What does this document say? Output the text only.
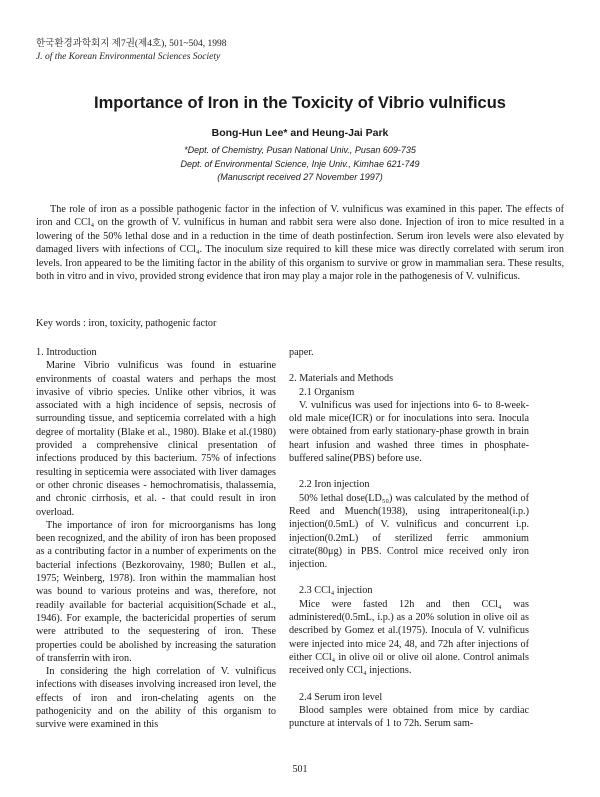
한국환경과학회지 제7권(제4호), 501~504, 1998
J. of the Korean Environmental Sciences Society
Importance of Iron in the Toxicity of Vibrio vulnificus
Bong-Hun Lee* and Heung-Jai Park
*Dept. of Chemistry, Pusan National Univ., Pusan 609-735
Dept. of Environmental Science, Inje Univ., Kimhae 621-749
(Manuscript received 27 November 1997)
The role of iron as a possible pathogenic factor in the infection of V. vulnificus was examined in this paper. The effects of iron and CCl₄ on the growth of V. vulnificus in human and rabbit sera were also done. Injection of iron to mice resulted in a lowering of the 50% lethal dose and in a reduction in the time of death postinfection. Serum iron levels were also elevated by damaged livers with infections of CCl₄. The inoculum size required to kill these mice was directly correlated with serum iron levels. Iron appeared to be the limiting factor in the ability of this organism to survive or grow in mammalian sera. These results, both in vitro and in vivo, provided strong evidence that iron may play a major role in the pathogenesis of V. vulnificus.
Key words : iron, toxicity, pathogenic factor
1. Introduction

Marine Vibrio vulnificus was found in estuarine environments of coastal waters and perhaps the most invasive of vibrio species. Unlike other vibrios, it was associated with a high incidence of sepsis, necrosis of surrounding tissue, and septicemia correlated with a high degree of mortality (Blake et al., 1980). Blake et al.(1980) provided a comprehensive clinical presentation of infections produced by this bacterium. 75% of infections resulting in septicemia were associated with liver damages or other chronic diseases - hemochromatisis, thalassemia, and chronic cirrhosis, et al. - that could result in iron overload.

The importance of iron for microorganisms has long been recognized, and the ability of iron has been proposed as a contributing factor in a number of experiments on the bacterial infections (Bezkorovainy, 1980; Bullen et al., 1975; Weinberg, 1978). Iron within the mammalian host was bound to various proteins and was, therefore, not readily available for bacterial acquisition(Schade et al., 1946). For example, the bactericidal properties of serum were attributed to the sequestering of iron. These properties could be abolished by increasing the saturation of transferrin with iron.

In considering the high correlation of V. vulnificus infections with diseases involving increased iron level, the effects of iron and iron-chelating agents on the pathogenicity and on the ability of this organism to survive were examined in this

paper.

2. Materials and Methods
2.1 Organism

V. vulnificus was used for injections into 6- to 8-week-old male mice(ICR) or for inoculations into sera. Inocula were obtained from early stationary-phase growth in brain heart infusion and washed three times in phosphate-buffered saline(PBS) before use.

2.2 Iron injection

50% lethal dose(LD₅₀) was calculated by the method of Reed and Muench(1938), using intraperitoneal(i.p.) injection(0.5mL) of V. vulnificus and concurrent i.p. injection(0.2mL) of sterilized ferric ammonium citrate(80μg) in PBS. Control mice received only iron injection.

2.3 CCl₄ injection

Mice were fasted 12h and then CCl₄ was administered(0.5mL, i.p.) as a 20% solution in olive oil as described by Gomez et al.(1975). Inocula of V. vulnificus were injected into mice 24, 48, and 72h after injections of either CCl₄ in olive oil or olive oil alone. Control animals received only CCl₄ injections.

2.4 Serum iron level

Blood samples were obtained from mice by cardiac puncture at intervals of 1 to 72h. Serum sam-

501
